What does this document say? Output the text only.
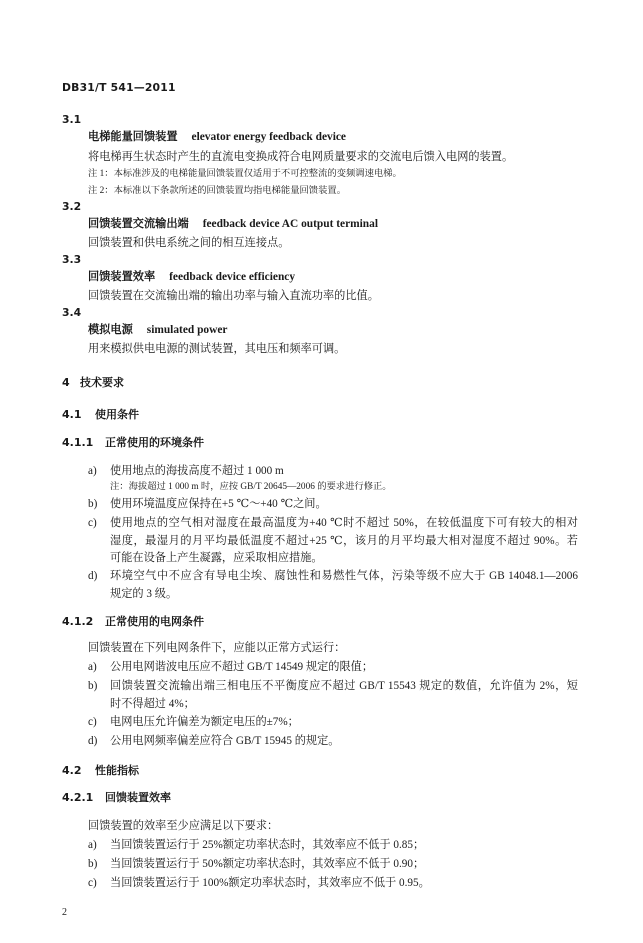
DB31/T 541—2011
3.1
电梯能量回馈装置 elevator energy feedback device
将电梯再生状态时产生的直流电变换成符合电网质量要求的交流电后馈入电网的装置。
注 1：本标准涉及的电梯能量回馈装置仅适用于不可控整流的变频调速电梯。
注 2：本标准以下条款所述的回馈装置均指电梯能量回馈装置。
3.2
回馈装置交流输出端 feedback device AC output terminal
回馈装置和供电系统之间的相互连接点。
3.3
回馈装置效率 feedback device efficiency
回馈装置在交流输出端的输出功率与输入直流功率的比值。
3.4
模拟电源 simulated power
用来模拟供电电源的测试装置，其电压和频率可调。
4 技术要求
4.1 使用条件
4.1.1 正常使用的环境条件
a) 使用地点的海拔高度不超过 1 000 m
注：海拔超过 1 000 m 时，应按 GB/T 20645—2006 的要求进行修正。
b) 使用环境温度应保持在+5 ℃～+40 ℃之间。
c) 使用地点的空气相对湿度在最高温度为+40 ℃时不超过 50%，在较低温度下可有较大的相对
湿度，最湿月的月平均最低温度不超过+25 ℃，该月的月平均最大相对湿度不超过 90%。若
可能在设备上产生凝露，应采取相应措施。
d) 环境空气中不应含有导电尘埃、腐蚀性和易燃性气体，污染等级不应大于 GB 14048.1—2006
规定的 3 级。
4.1.2 正常使用的电网条件
回馈装置在下列电网条件下，应能以正常方式运行：
a) 公用电网谐波电压应不超过 GB/T 14549 规定的限值；
b) 回馈装置交流输出端三相电压不平衡度应不超过 GB/T 15543 规定的数值，允许值为 2%，短
时不得超过 4%；
c) 电网电压允许偏差为额定电压的±7%；
d) 公用电网频率偏差应符合 GB/T 15945 的规定。
4.2 性能指标
4.2.1 回馈装置效率
回馈装置的效率至少应满足以下要求：
a) 当回馈装置运行于 25%额定功率状态时，其效率应不低于 0.85；
b) 当回馈装置运行于 50%额定功率状态时，其效率应不低于 0.90；
c) 当回馈装置运行于 100%额定功率状态时，其效率应不低于 0.95。
2
